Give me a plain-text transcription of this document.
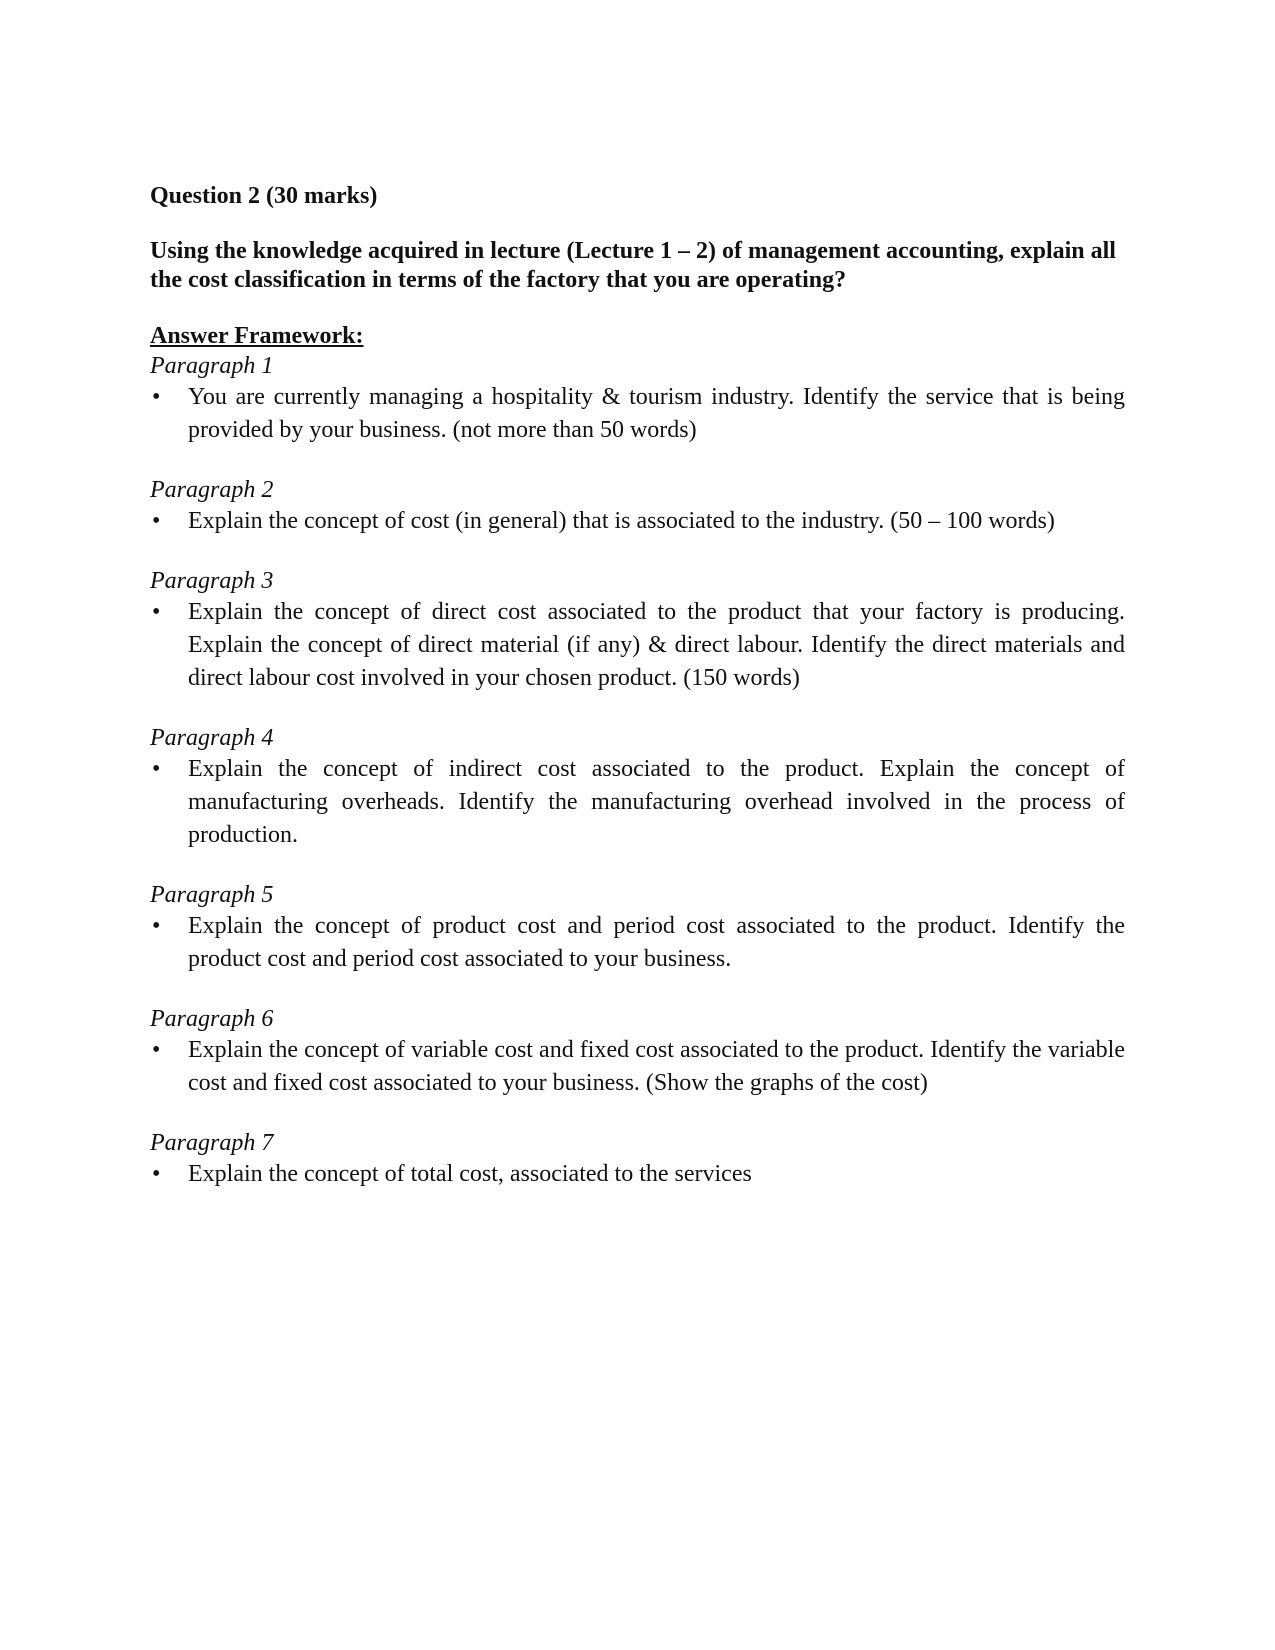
Question 2 (30 marks)

Using the knowledge acquired in lecture (Lecture 1 – 2) of management accounting, explain all the cost classification in terms of the factory that you are operating?

Answer Framework:

Paragraph 1

•	You are currently managing a hospitality & tourism industry. Identify the service that is being provided by your business. (not more than 50 words)

Paragraph 2

•	Explain the concept of cost (in general) that is associated to the industry. (50 – 100 words)

Paragraph 3

•	Explain the concept of direct cost associated to the product that your factory is producing. Explain the concept of direct material (if any) & direct labour. Identify the direct materials and direct labour cost involved in your chosen product. (150 words)

Paragraph 4

•	Explain the concept of indirect cost associated to the product. Explain the concept of manufacturing overheads. Identify the manufacturing overhead involved in the process of production.

Paragraph 5

•	Explain the concept of product cost and period cost associated to the product. Identify the product cost and period cost associated to your business.

Paragraph 6

•	Explain the concept of variable cost and fixed cost associated to the product. Identify the variable cost and fixed cost associated to your business. (Show the graphs of the cost)

Paragraph 7

•	Explain the concept of total cost, associated to the services
